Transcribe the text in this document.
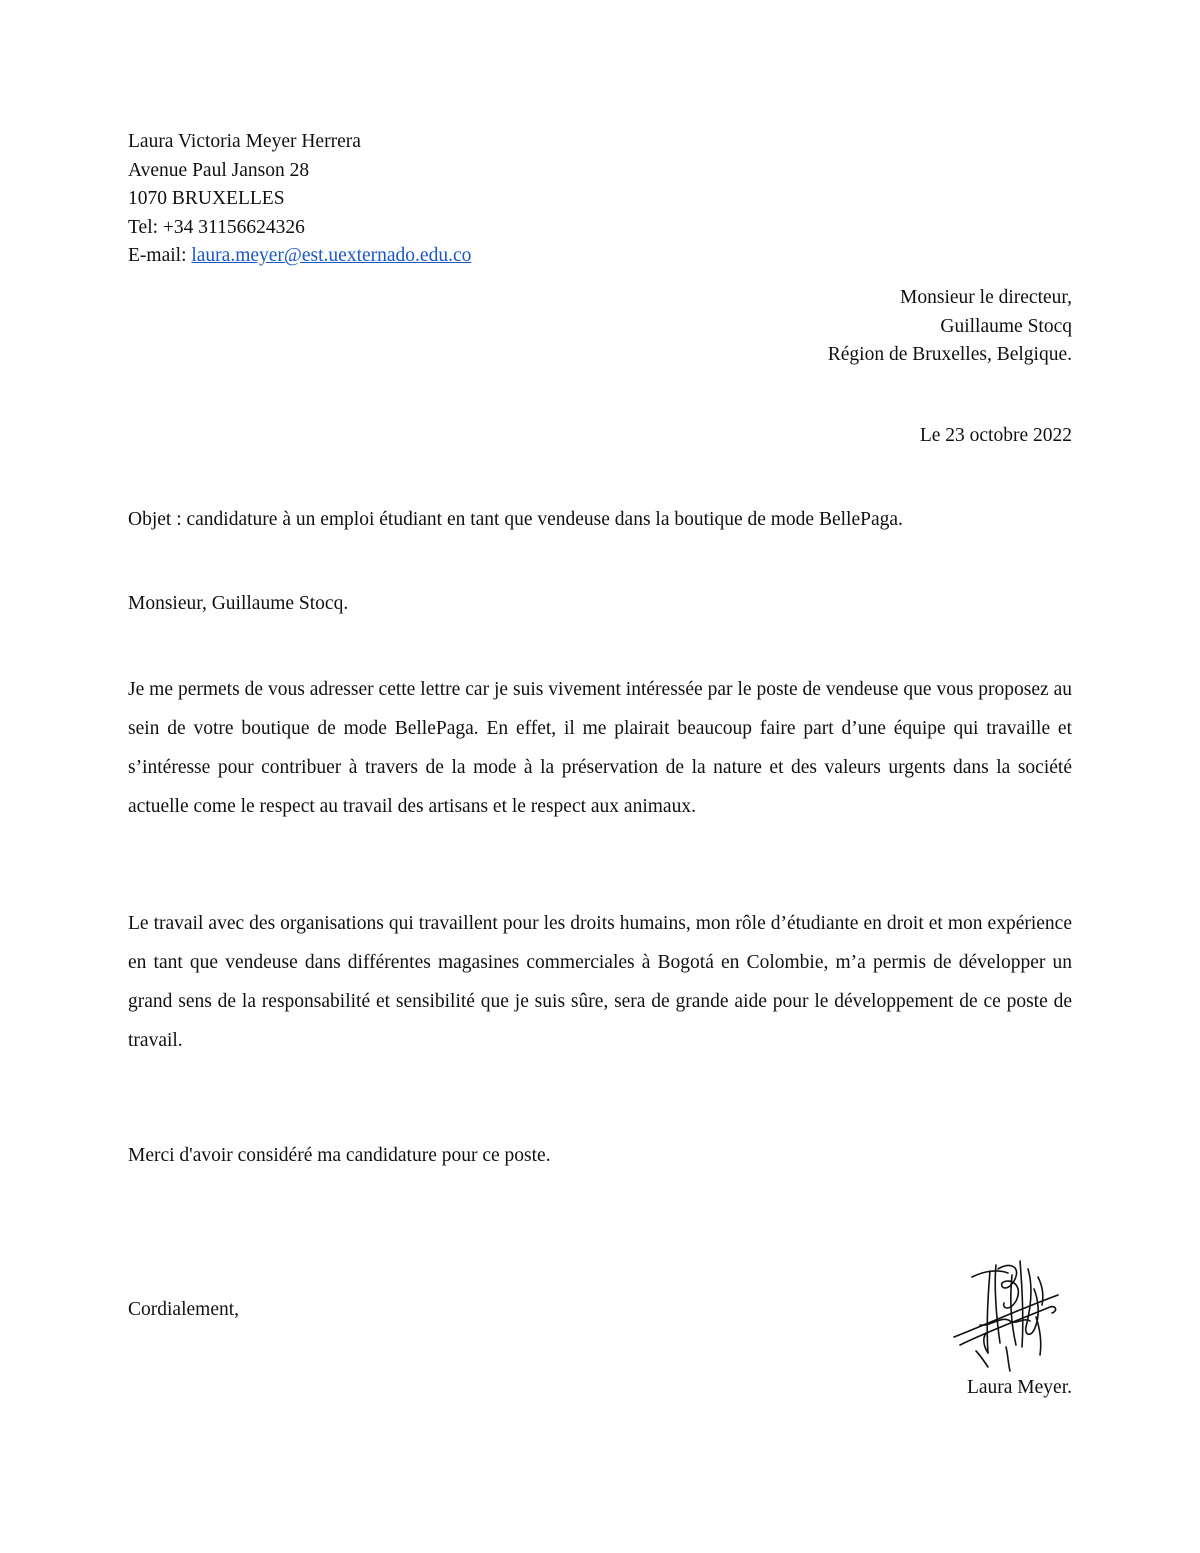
Laura Victoria Meyer Herrera
Avenue Paul Janson 28
1070 BRUXELLES
Tel: +34 31156624326
E-mail: laura.meyer@est.uexternado.edu.co
Monsieur le directeur,
Guillaume Stocq
Région de Bruxelles, Belgique.
Le 23 octobre 2022
Objet : candidature à un emploi étudiant en tant que vendeuse dans la boutique de mode BellePaga.
Monsieur, Guillaume Stocq.

Je me permets de vous adresser cette lettre car je suis vivement intéressée par le poste de vendeuse que vous proposez au sein de votre boutique de mode BellePaga. En effet, il me plairait beaucoup faire part d’une équipe qui travaille et s’intéresse pour contribuer à travers de la mode à la préservation de la nature et des valeurs urgents dans la société actuelle come le respect au travail des artisans et le respect aux animaux.

Le travail avec des organisations qui travaillent pour les droits humains, mon rôle d’étudiante en droit et mon expérience en tant que vendeuse dans différentes magasines commerciales à Bogotá en Colombie, m’a permis de développer un grand sens de la responsabilité et sensibilité que je suis sûre, sera de grande aide pour le développement de ce poste de travail.

Merci d'avoir considéré ma candidature pour ce poste.
Cordialement,
Laura Meyer.
